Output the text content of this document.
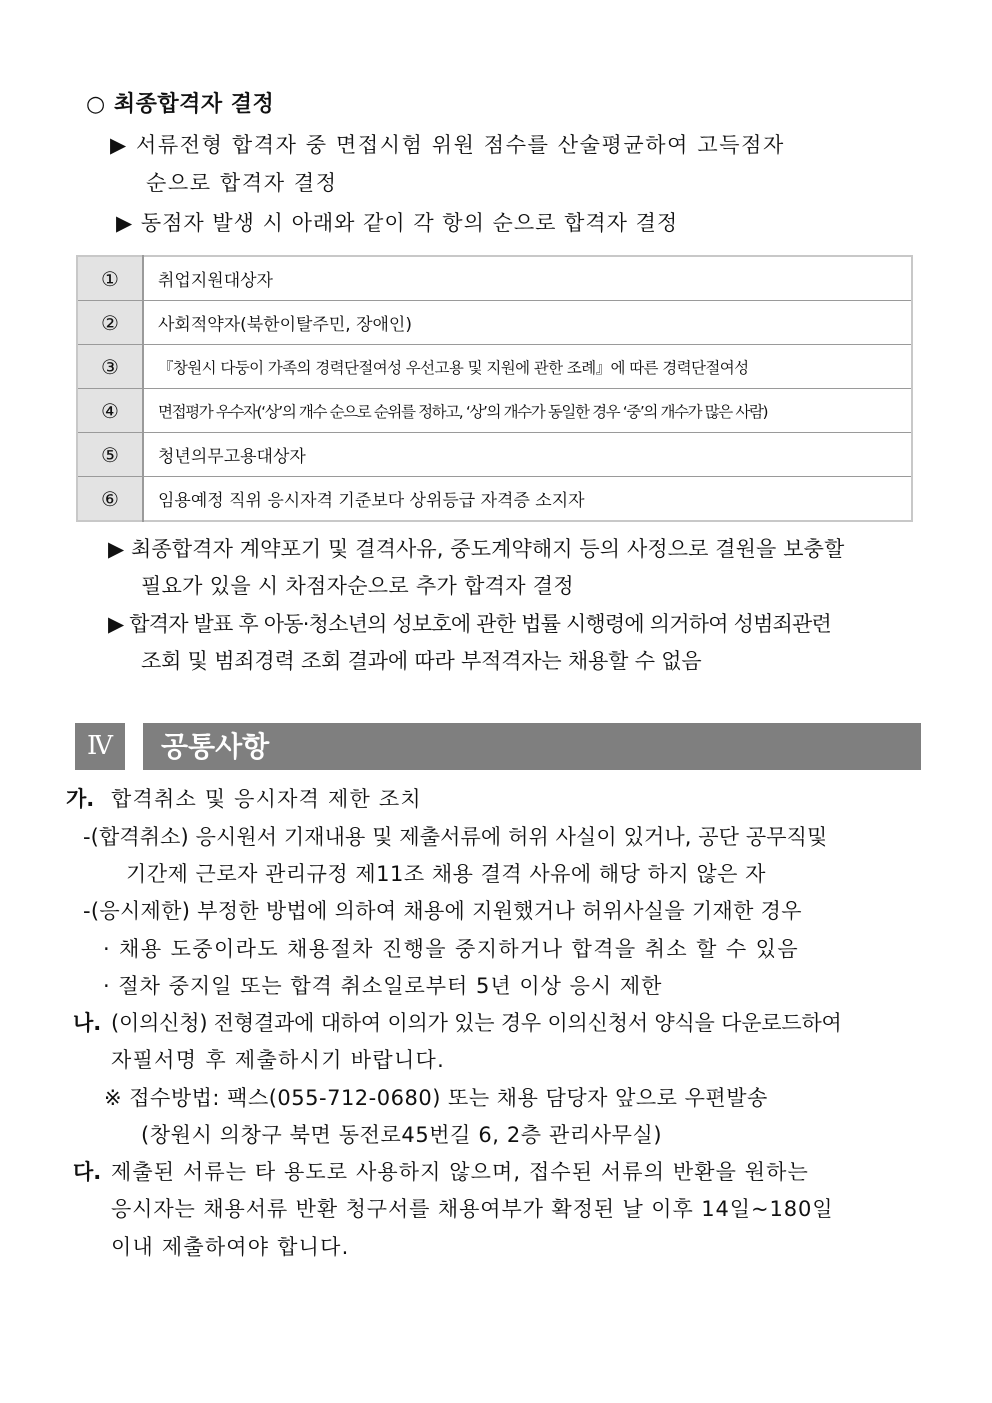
○ 최종합격자 결정
▶ 서류전형 합격자 중 면접시험 위원 점수를 산술평균하여 고득점자
순으로 합격자 결정
▶ 동점자 발생 시 아래와 같이 각 항의 순으로 합격자 결정
①	취업지원대상자
②	사회적약자(북한이탈주민, 장애인)
③	『창원시 다둥이 가족의 경력단절여성 우선고용 및 지원에 관한 조례』에 따른 경력단절여성
④	면접평가 우수자(‘상’의 개수 순으로 순위를 정하고, ‘상’의 개수가 동일한 경우 ‘중’의 개수가 많은 사람)
⑤	청년의무고용대상자
⑥	임용예정 직위 응시자격 기준보다 상위등급 자격증 소지자
▶ 최종합격자 계약포기 및 결격사유, 중도계약해지 등의 사정으로 결원을 보충할
필요가 있을 시 차점자순으로 추가 합격자 결정
▶ 합격자 발표 후 아동·청소년의 성보호에 관한 법률 시행령에 의거하여 성범죄관련
조회 및 범죄경력 조회 결과에 따라 부적격자는 채용할 수 없음
Ⅳ	공통사항
가. 합격취소 및 응시자격 제한 조치
-(합격취소) 응시원서 기재내용 및 제출서류에 허위 사실이 있거나, 공단 공무직및
기간제 근로자 관리규정 제11조 채용 결격 사유에 해당 하지 않은 자
-(응시제한) 부정한 방법에 의하여 채용에 지원했거나 허위사실을 기재한 경우
· 채용 도중이라도 채용절차 진행을 중지하거나 합격을 취소 할 수 있음
· 절차 중지일 또는 합격 취소일로부터 5년 이상 응시 제한
나. (이의신청) 전형결과에 대하여 이의가 있는 경우 이의신청서 양식을 다운로드하여
자필서명 후 제출하시기 바랍니다.
※ 접수방법: 팩스(055-712-0680) 또는 채용 담당자 앞으로 우편발송
(창원시 의창구 북면 동전로45번길 6, 2층 관리사무실)
다. 제출된 서류는 타 용도로 사용하지 않으며, 접수된 서류의 반환을 원하는
응시자는 채용서류 반환 청구서를 채용여부가 확정된 날 이후 14일~180일
이내 제출하여야 합니다.
